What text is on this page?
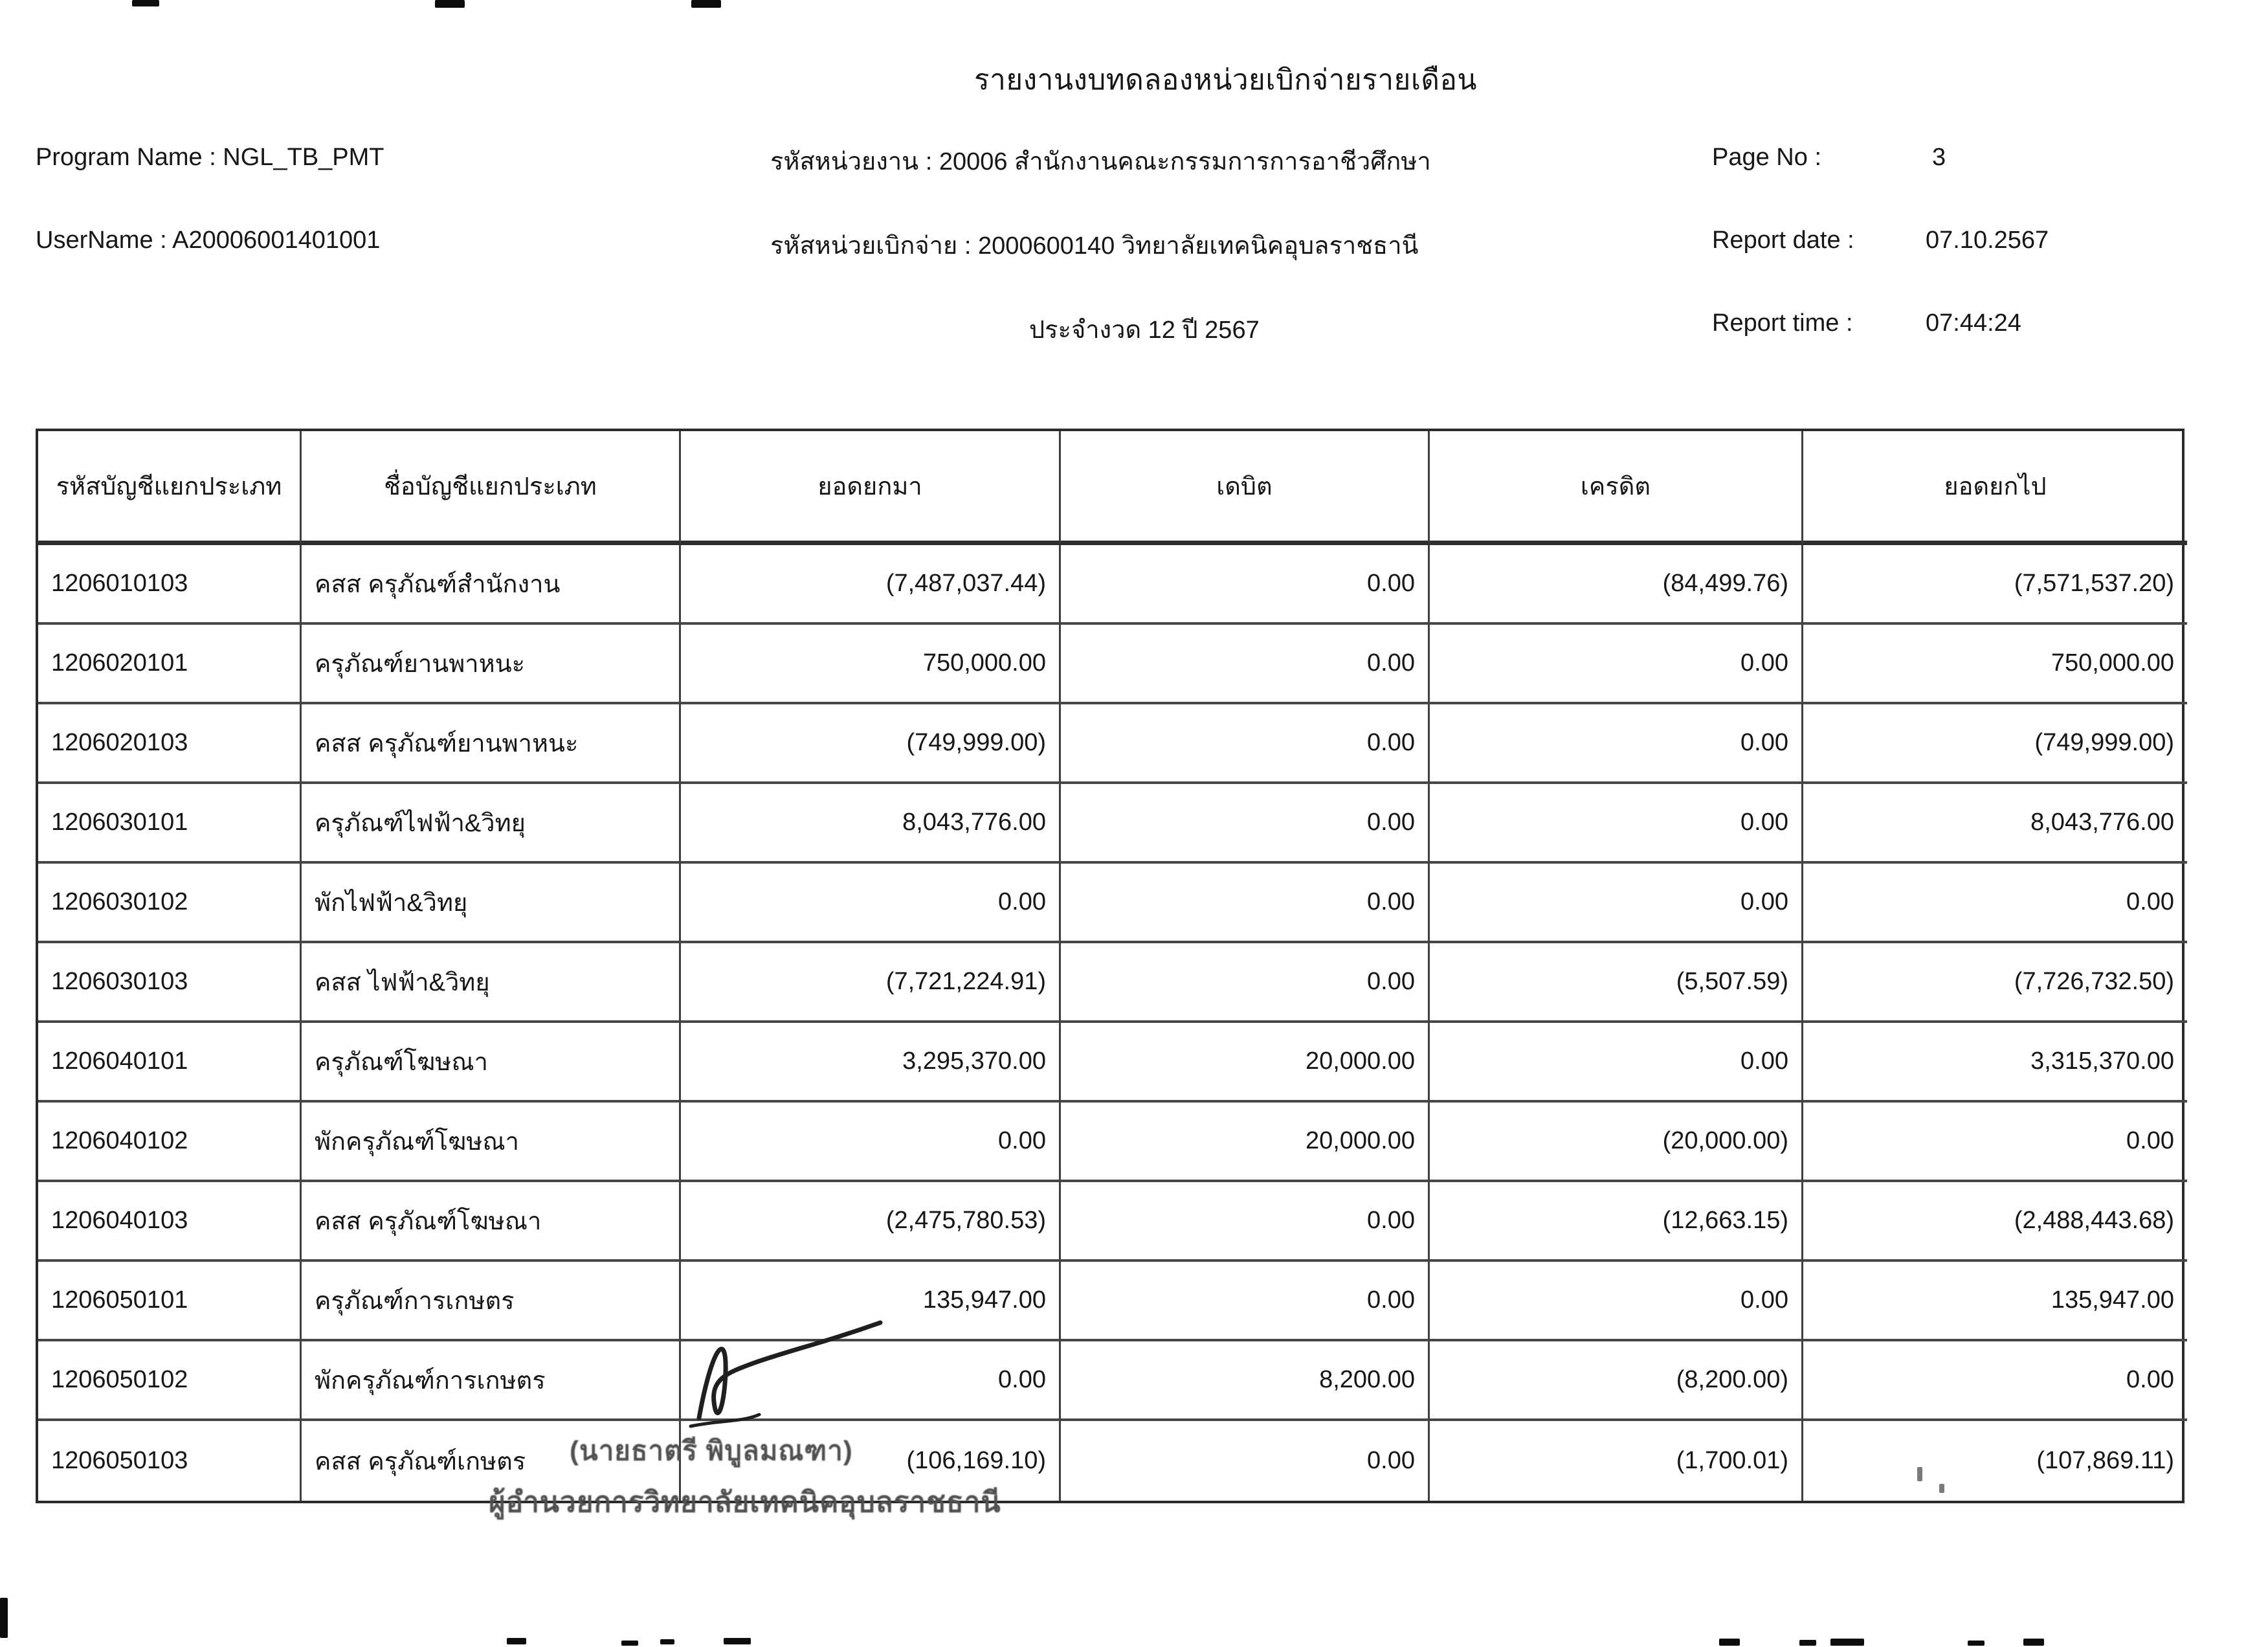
รายงานงบทดลองหน่วยเบิกจ่ายรายเดือน
Program Name : NGL_TB_PMT
UserName : A20006001401001
รหัสหน่วยงาน : 20006 สำนักงานคณะกรรมการการอาชีวศึกษา
รหัสหน่วยเบิกจ่าย : 2000600140 วิทยาลัยเทคนิคอุบลราชธานี
ประจำงวด 12 ปี 2567
Page No :	3
Report date :	07.10.2567
Report time :	07:44:24
รหัสบัญชีแยกประเภท	ชื่อบัญชีแยกประเภท	ยอดยกมา	เดบิต	เครดิต	ยอดยกไป
1206010103	คสส ครุภัณฑ์สำนักงาน	(7,487,037.44)	0.00	(84,499.76)	(7,571,537.20)
1206020101	ครุภัณฑ์ยานพาหนะ	750,000.00	0.00	0.00	750,000.00
1206020103	คสส ครุภัณฑ์ยานพาหนะ	(749,999.00)	0.00	0.00	(749,999.00)
1206030101	ครุภัณฑ์ไฟฟ้า&วิทยุ	8,043,776.00	0.00	0.00	8,043,776.00
1206030102	พักไฟฟ้า&วิทยุ	0.00	0.00	0.00	0.00
1206030103	คสส ไฟฟ้า&วิทยุ	(7,721,224.91)	0.00	(5,507.59)	(7,726,732.50)
1206040101	ครุภัณฑ์โฆษณา	3,295,370.00	20,000.00	0.00	3,315,370.00
1206040102	พักครุภัณฑ์โฆษณา	0.00	20,000.00	(20,000.00)	0.00
1206040103	คสส ครุภัณฑ์โฆษณา	(2,475,780.53)	0.00	(12,663.15)	(2,488,443.68)
1206050101	ครุภัณฑ์การเกษตร	135,947.00	0.00	0.00	135,947.00
1206050102	พักครุภัณฑ์การเกษตร	0.00	8,200.00	(8,200.00)	0.00
1206050103	คสส ครุภัณฑ์เกษตร	(106,169.10)	0.00	(1,700.01)	(107,869.11)
(นายธาตรี พิบูลมณฑา)
ผู้อำนวยการวิทยาลัยเทคนิคอุบลราชธานี
